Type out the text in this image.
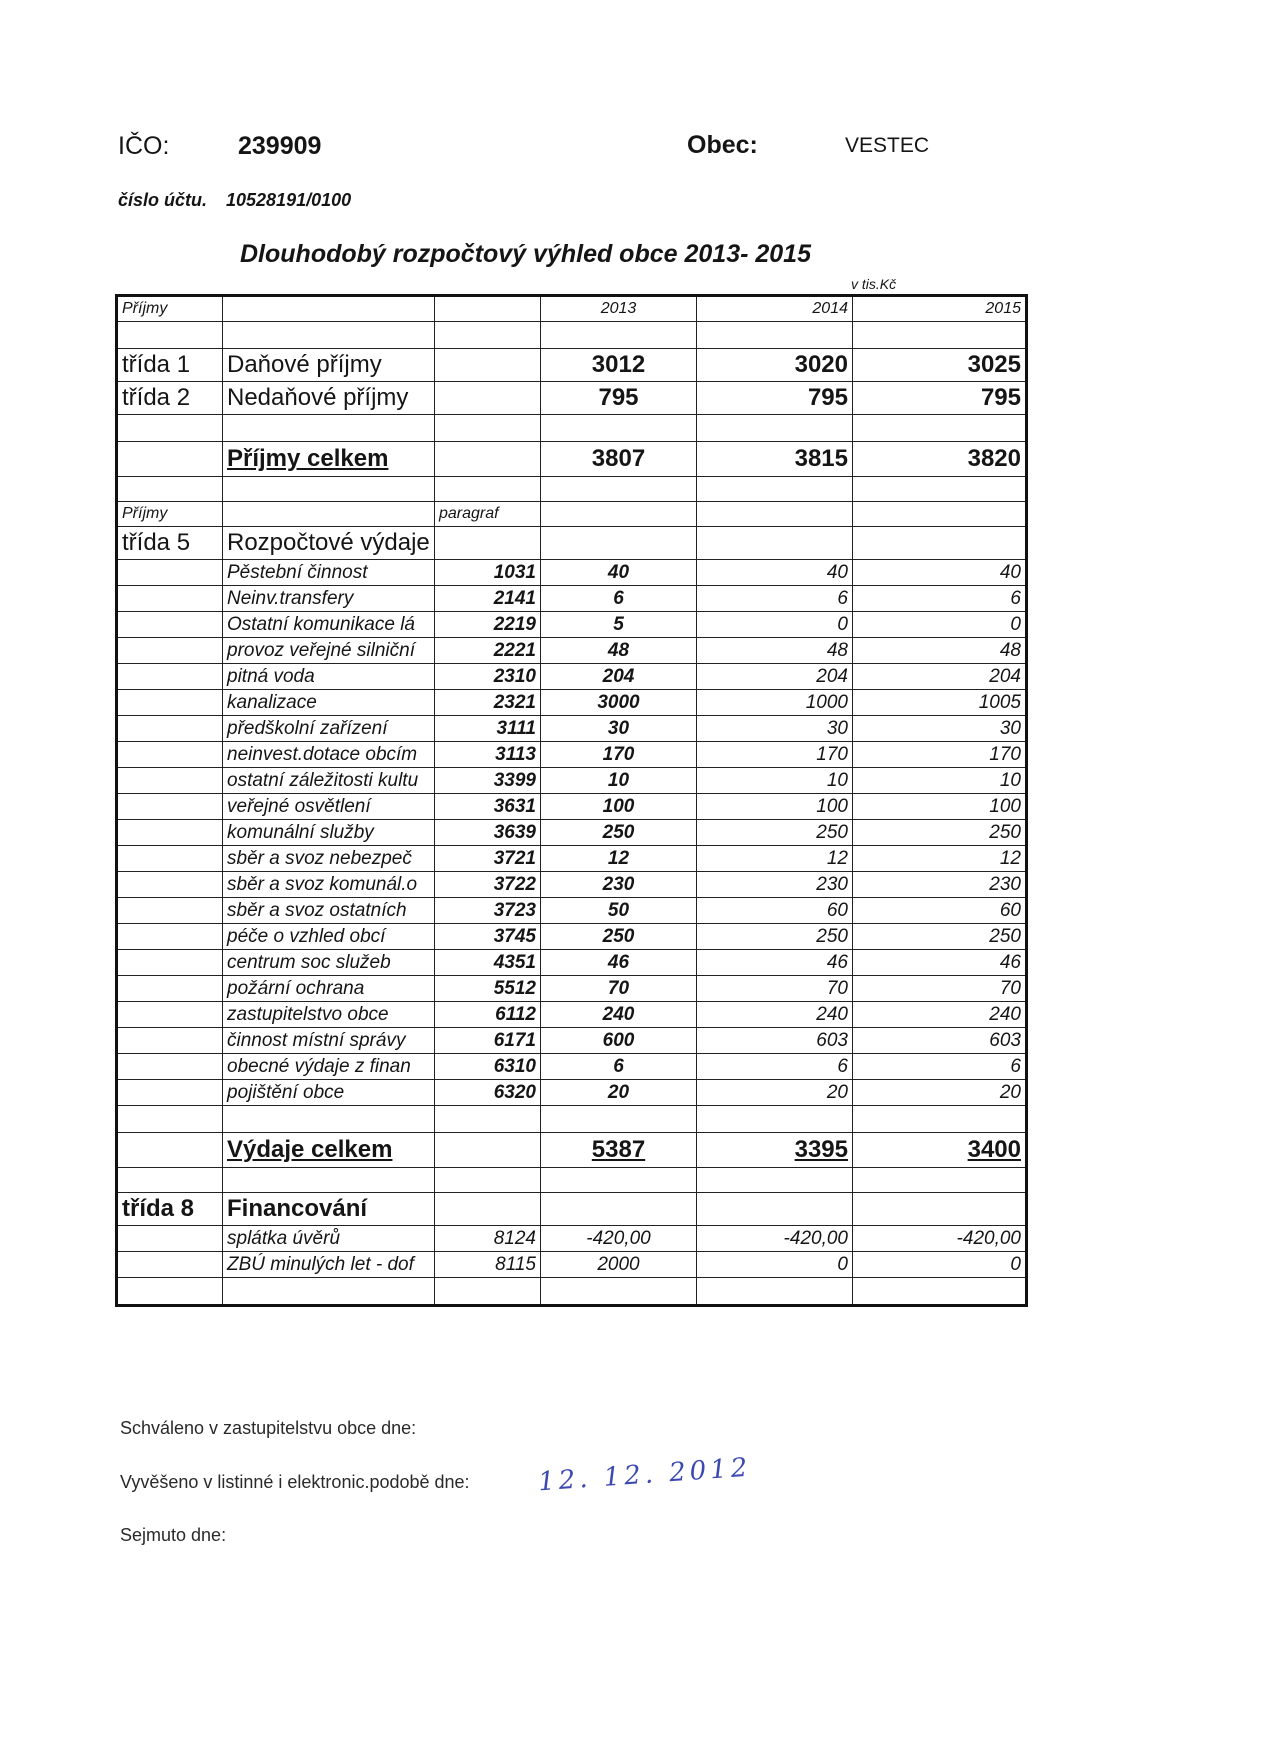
IČO:	239909	Obec:	VESTEC
číslo účtu. 10528191/0100
Dlouhodobý rozpočtový výhled obce 2013- 2015
v tis.Kč
Příjmy			2013	2014	2015

třída 1	Daňové příjmy		3012	3020	3025
třída 2	Nedaňové příjmy		795	795	795

	Příjmy celkem		3807	3815	3820

Příjmy		paragraf			
třída 5	Rozpočtové výdaje				
	Pěstební činnost	1031	40	40	40
	Neinv.transfery	2141	6	6	6
	Ostatní komunikace lá	2219	5	0	0
	provoz veřejné silniční	2221	48	48	48
	pitná voda	2310	204	204	204
	kanalizace	2321	3000	1000	1005
	předškolní zařízení	3111	30	30	30
	neinvest.dotace obcím	3113	170	170	170
	ostatní záležitosti kultu	3399	10	10	10
	veřejné osvětlení	3631	100	100	100
	komunální služby	3639	250	250	250
	sběr a svoz nebezpeč	3721	12	12	12
	sběr a svoz komunál.o	3722	230	230	230
	sběr a svoz ostatních	3723	50	60	60
	péče o vzhled obcí	3745	250	250	250
	centrum soc služeb	4351	46	46	46
	požární ochrana	5512	70	70	70
	zastupitelstvo obce	6112	240	240	240
	činnost místní správy	6171	600	603	603
	obecné výdaje z finan	6310	6	6	6
	pojištění obce	6320	20	20	20

	Výdaje celkem		5387	3395	3400

třída 8	Financování				
	splátka úvěrů	8124	-420,00	-420,00	-420,00
	ZBÚ minulých let - dof	8115	2000	0	0

Schváleno v zastupitelstvu obce dne:
Vyvěšeno v listinné i elektronic.podobě dne:	12. 12. 2012
Sejmuto dne:
